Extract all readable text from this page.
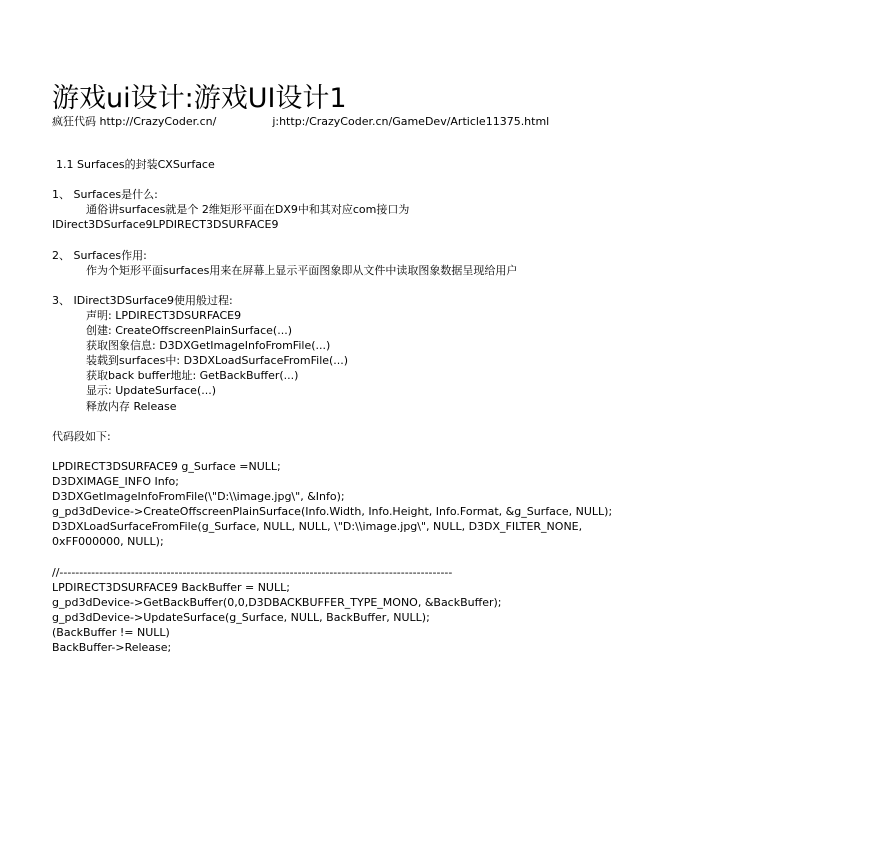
游戏ui设计:游戏UI设计1
疯狂代码 http://CrazyCoder.cn/	j:http:/CrazyCoder.cn/GameDev/Article11375.html
1.1 Surfaces的封装CXSurface
1、 Surfaces是什么:
通俗讲surfaces就是个 2维矩形平面在DX9中和其对应com接口为
IDirect3DSurface9LPDIRECT3DSURFACE9
2、 Surfaces作用:
作为个矩形平面surfaces用来在屏幕上显示平面图象即从文件中读取图象数据呈现给用户
3、 IDirect3DSurface9使用般过程:
声明: LPDIRECT3DSURFACE9
创建: CreateOffscreenPlainSurface(...)
获取图象信息: D3DXGetImageInfoFromFile(...)
装载到surfaces中: D3DXLoadSurfaceFromFile(...)
获取back buffer地址: GetBackBuffer(...)
显示: UpdateSurface(...)
释放内存 Release
代码段如下:
LPDIRECT3DSURFACE9 g_Surface =NULL;
D3DXIMAGE_INFO Info;
D3DXGetImageInfoFromFile(\"D:\\image.jpg\", &Info);
g_pd3dDevice->CreateOffscreenPlainSurface(Info.Width, Info.Height, Info.Format, &g_Surface, NULL);
D3DXLoadSurfaceFromFile(g_Surface, NULL, NULL, \"D:\\image.jpg\", NULL, D3DX_FILTER_NONE,
0xFF000000, NULL);
//---------------------------------------------------------------------------------------------------
LPDIRECT3DSURFACE9 BackBuffer = NULL;
g_pd3dDevice->GetBackBuffer(0,0,D3DBACKBUFFER_TYPE_MONO, &BackBuffer);
g_pd3dDevice->UpdateSurface(g_Surface, NULL, BackBuffer, NULL);
(BackBuffer != NULL)
BackBuffer->Release;
